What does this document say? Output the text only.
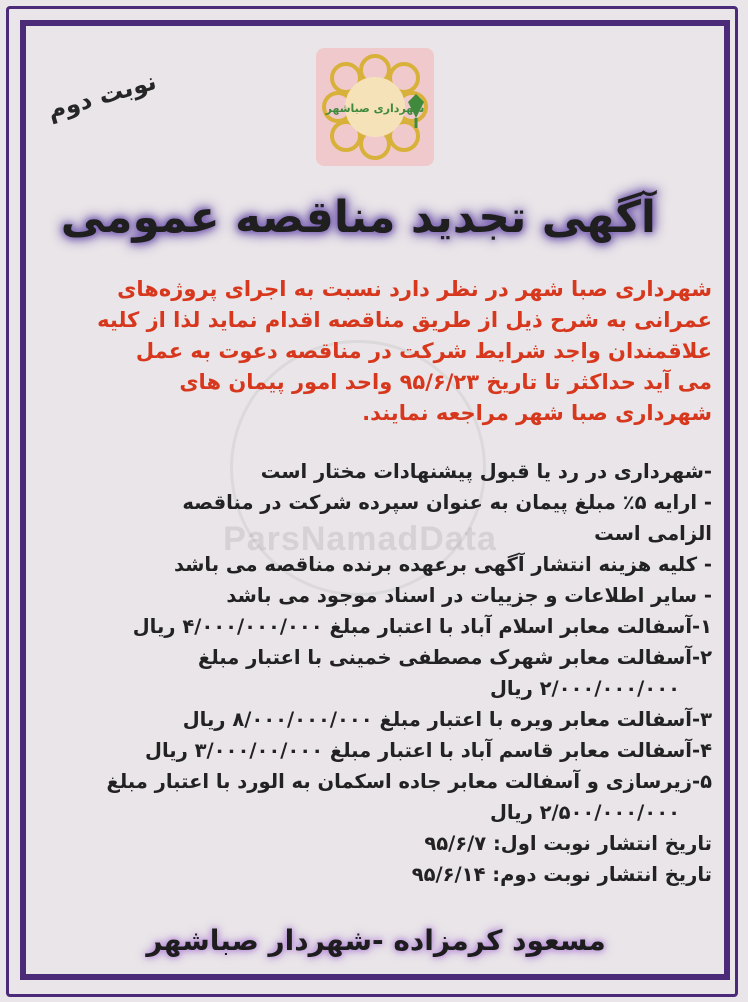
ParsNamadData
شهرداری صباشهر
نوبت دوم
آگهی تجدید مناقصه عمومی
شهرداری صبا شهر در نظر دارد نسبت به اجرای پروژه‌های
عمرانی به شرح ذیل از طریق مناقصه اقدام نماید لذا از کلیه
علاقمندان واجد شرایط شرکت در مناقصه دعوت به عمل
می آید حداکثر تا تاریخ ۹۵/۶/۲۳ واحد امور پیمان های
شهرداری صبا شهر مراجعه نمایند.
-شهرداری در رد یا قبول پیشنهادات مختار است
- ارایه ۵٪ مبلغ پیمان به عنوان سپرده شرکت در مناقصه
الزامی است
- کلیه هزینه انتشار آگهی برعهده برنده مناقصه می باشد
- سایر اطلاعات و جزییات در اسناد موجود می باشد
۱-آسفالت معابر اسلام آباد با اعتبار مبلغ ۴/۰۰۰/۰۰۰/۰۰۰ ریال
۲-آسفالت معابر شهرک مصطفی خمینی با اعتبار مبلغ
۲/۰۰۰/۰۰۰/۰۰۰ ریال
۳-آسفالت معابر ویره با اعتبار مبلغ ۸/۰۰۰/۰۰۰/۰۰۰ ریال
۴-آسفالت معابر قاسم آباد با اعتبار مبلغ ۳/۰۰۰/۰۰/۰۰۰ ریال
۵-زیرسازی و آسفالت معابر جاده اسکمان به الورد با اعتبار مبلغ
۲/۵۰۰/۰۰۰/۰۰۰ ریال
تاریخ انتشار نوبت اول: ۹۵/۶/۷
تاریخ انتشار نوبت دوم: ۹۵/۶/۱۴
مسعود کرمزاده -شهردار صباشهر
